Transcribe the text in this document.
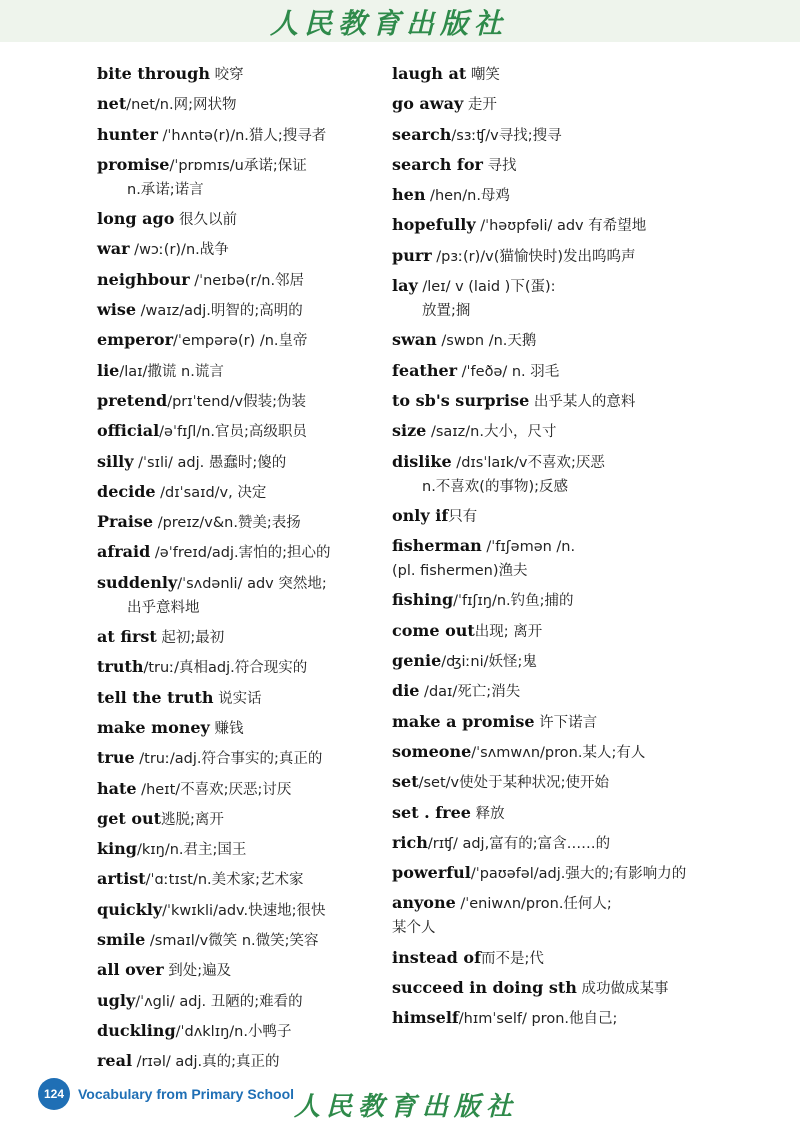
人民教育出版社
bite through 咬穿
net/net/n.网;网状物
hunter /ˈhʌntə(r)/n.猎人;搜寻者
promise/ˈprɒmɪs/u承诺;保证
n.承诺;诺言
long ago 很久以前
war /wɔː(r)/n.战争
neighbour /ˈneɪbə(r/n.邻居
wise /waɪz/adj.明智的;高明的
emperor/ˈempərə(r) /n.皇帝
lie/laɪ/撒谎 n.谎言
pretend/prɪˈtend/v假装;伪装
official/əˈfɪʃl/n.官员;高级职员
silly /ˈsɪli/ adj. 愚蠢时;傻的
decide /dɪˈsaɪd/v, 决定
Praise /preɪz/v&n.赞美;表扬
afraid /əˈfreɪd/adj.害怕的;担心的
suddenly/ˈsʌdənli/ adv 突然地;
出乎意料地
at first 起初;最初
truth/truː/真相adj.符合现实的
tell the truth 说实话
make money 赚钱
true /truː/adj.符合事实的;真正的
hate /heɪt/不喜欢;厌恶;讨厌
get out逃脱;离开
king/kɪŋ/n.君主;国王
artist/ˈɑːtɪst/n.美术家;艺术家
quickly/ˈkwɪkli/adv.快速地;很快
smile /smaɪl/v微笑 n.微笑;笑容
all over 到处;遍及
ugly/ˈʌgli/ adj. 丑陋的;难看的
duckling/ˈdʌklɪŋ/n.小鸭子
real /rɪəl/ adj.真的;真正的
laugh at 嘲笑
go away 走开
search/sɜːʧ/v寻找;搜寻
search for 寻找
hen /hen/n.母鸡
hopefully /ˈhəʊpfəli/ adv 有希望地
purr /pɜː(r)/v(猫愉快时)发出呜呜声
lay /leɪ/ v (laid )下(蛋):
放置;搁
swan /swɒn /n.天鹅
feather /ˈfeðə/ n. 羽毛
to sb's surprise 出乎某人的意料
size /saɪz/n.大小，尺寸
dislike /dɪsˈlaɪk/v不喜欢;厌恶
n.不喜欢(的事物);反感
only if只有
fisherman /ˈfɪʃəmən /n.
(pl. fishermen)渔夫
fishing/ˈfɪʃɪŋ/n.钓鱼;捕的
come out出现; 离开
genie/ʤiːni/妖怪;鬼
die /daɪ/死亡;消失
make a promise 许下诺言
someone/ˈsʌmwʌn/pron.某人;有人
set/set/v使处于某种状况;使开始
set . free 释放
rich/rɪʧ/ adj,富有的;富含……的
powerful/ˈpaʊəfəl/adj.强大的;有影响力的
anyone /ˈeniwʌn/pron.任何人;
某个人
instead of而不是;代
succeed in doing sth 成功做成某事
himself/hɪmˈself/ pron.他自己;
124 Vocabulary from Primary School 人民教育出版社
